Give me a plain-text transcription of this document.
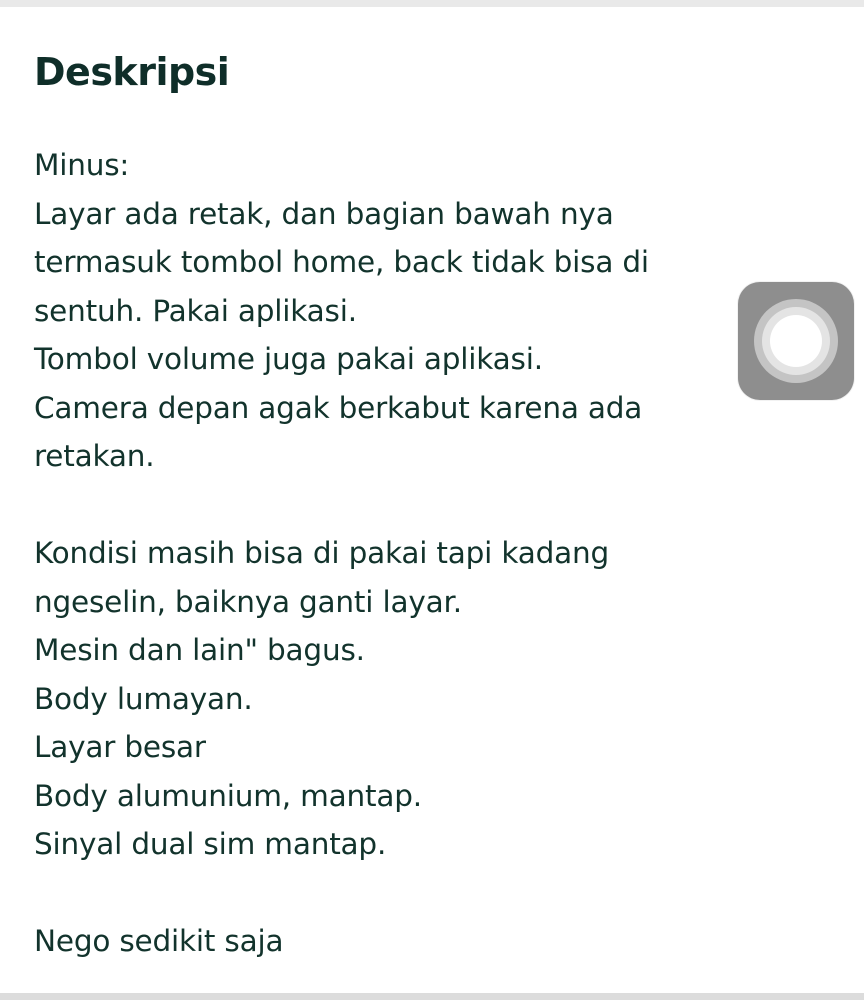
Deskripsi
Minus:
Layar ada retak, dan bagian bawah nya
termasuk tombol home, back tidak bisa di
sentuh. Pakai aplikasi.
Tombol volume juga pakai aplikasi.
Camera depan agak berkabut karena ada
retakan.
Kondisi masih bisa di pakai tapi kadang
ngeselin, baiknya ganti layar.
Mesin dan lain" bagus.
Body lumayan.
Layar besar
Body alumunium, mantap.
Sinyal dual sim mantap.
Nego sedikit saja
